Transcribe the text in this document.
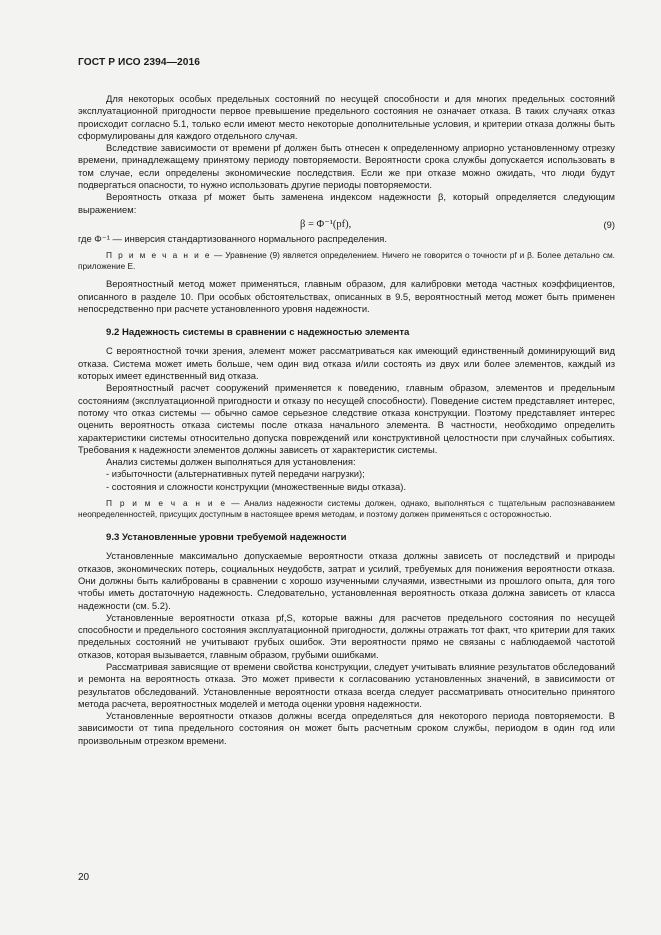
ГОСТ Р ИСО 2394—2016

Для некоторых особых предельных состояний по несущей способности и для многих предельных состояний эксплуатационной пригодности первое превышение предельного состояния не означает отказа. В таких случаях отказ происходит согласно 5.1, только если имеют место некоторые дополнительные условия, и критерии отказа должны быть сформулированы для каждого отдельного случая.

Вследствие зависимости от времени pf должен быть отнесен к определенному априорно установленному отрезку времени, принадлежащему принятому периоду повторяемости. Вероятности срока службы допускается использовать в том случае, если определены экономические последствия. Если же при отказе можно ожидать, что люди будут подвергаться опасности, то нужно использовать другие периоды повторяемости.

Вероятность отказа pf может быть заменена индексом надежности β, который определяется следующим выражением:

β = Φ⁻¹(pf),	(9)

где Φ⁻¹ — инверсия стандартизованного нормального распределения.

П р и м е ч а н и е — Уравнение (9) является определением. Ничего не говорится о точности pf и β. Более детально см. приложение Е.

Вероятностный метод может применяться, главным образом, для калибровки метода частных коэффициентов, описанного в разделе 10. При особых обстоятельствах, описанных в 9.5, вероятностный метод может быть применен непосредственно при расчете установленного уровня надежности.

9.2 Надежность системы в сравнении с надежностью элемента

С вероятностной точки зрения, элемент может рассматриваться как имеющий единственный доминирующий вид отказа. Система может иметь больше, чем один вид отказа и/или состоять из двух или более элементов, каждый из которых имеет единственный вид отказа.

Вероятностный расчет сооружений применяется к поведению, главным образом, элементов и предельным состояниям (эксплуатационной пригодности и отказу по несущей способности). Поведение систем представляет интерес, потому что отказ системы — обычно самое серьезное следствие отказа конструкции. Поэтому представляет интерес оценить вероятность отказа системы после отказа начального элемента. В частности, необходимо определить характеристики системы относительно допуска повреждений или конструктивной целостности при случайных событиях. Требования к надежности элементов должны зависеть от характеристик системы.

Анализ системы должен выполняться для установления:

- избыточности (альтернативных путей передачи нагрузки);

- состояния и сложности конструкции (множественные виды отказа).

П р и м е ч а н и е — Анализ надежности системы должен, однако, выполняться с тщательным распознаванием неопределенностей, присущих доступным в настоящее время методам, и поэтому должен применяться с осторожностью.

9.3 Установленные уровни требуемой надежности

Установленные максимально допускаемые вероятности отказа должны зависеть от последствий и природы отказов, экономических потерь, социальных неудобств, затрат и усилий, требуемых для понижения вероятности отказа. Они должны быть калиброваны в сравнении с хорошо изученными случаями, известными из прошлого опыта, для того чтобы иметь достаточную надежность. Следовательно, установленная вероятность отказа должна зависеть от класса надежности (см. 5.2).

Установленные вероятности отказа pf,S, которые важны для расчетов предельного состояния по несущей способности и предельного состояния эксплуатационной пригодности, должны отражать тот факт, что критерии для таких предельных состояний не учитывают грубых ошибок. Эти вероятности прямо не связаны с наблюдаемой частотой отказов, которая вызывается, главным образом, грубыми ошибками.

Рассматривая зависящие от времени свойства конструкции, следует учитывать влияние результатов обследований и ремонта на вероятность отказа. Это может привести к согласованию установленных значений, в зависимости от результатов обследований. Установленные вероятности отказа всегда следует рассматривать относительно принятого метода расчета, вероятностных моделей и метода оценки уровня надежности.

Установленные вероятности отказов должны всегда определяться для некоторого периода повторяемости. В зависимости от типа предельного состояния он может быть расчетным сроком службы, периодом в один год или произвольным отрезком времени.

20
